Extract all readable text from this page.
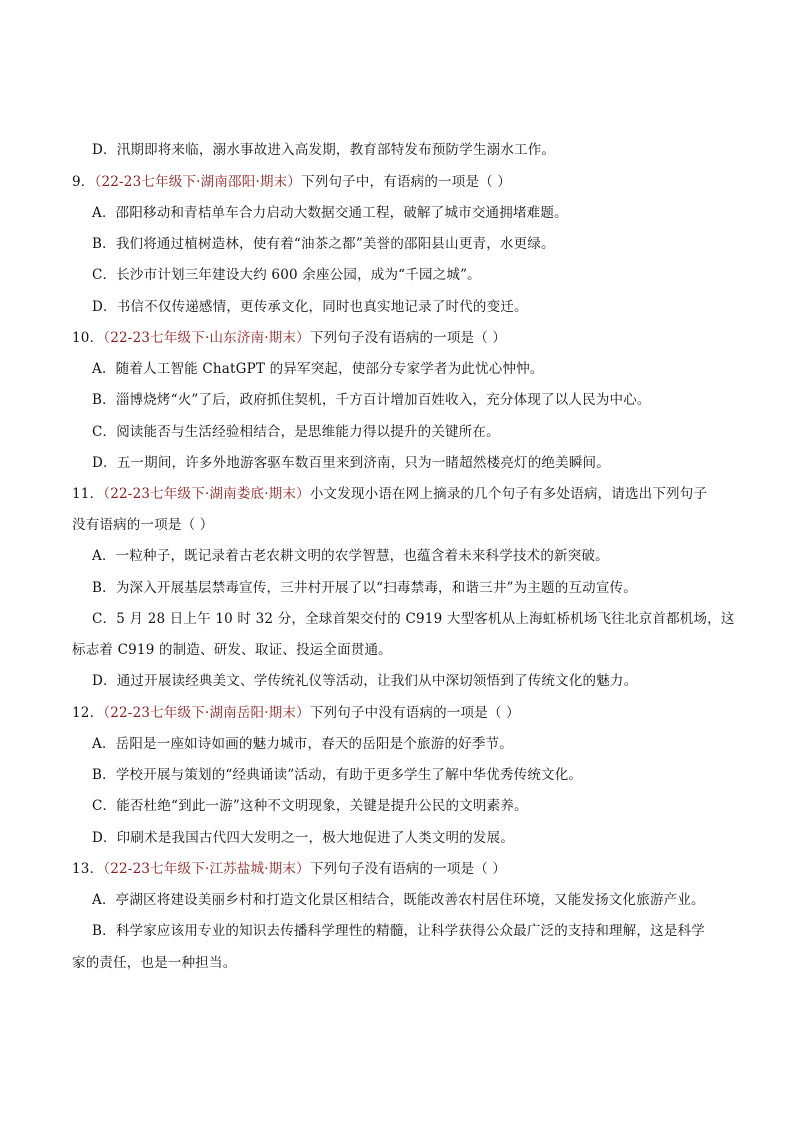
D．汛期即将来临，溺水事故进入高发期，教育部特发布预防学生溺水工作。
9．（22-23七年级下·湖南邵阳·期末）下列句子中，有语病的一项是（ ）
A．邵阳移动和青桔单车合力启动大数据交通工程，破解了城市交通拥堵难题。
B．我们将通过植树造林，使有着“油茶之都”美誉的邵阳县山更青，水更绿。
C．长沙市计划三年建设大约 600 余座公园，成为“千园之城”。
D．书信不仅传递感情，更传承文化，同时也真实地记录了时代的变迁。
10．（22-23七年级下·山东济南·期末）下列句子没有语病的一项是（ ）
A．随着人工智能 ChatGPT 的异军突起，使部分专家学者为此忧心忡忡。
B．淄博烧烤“火”了后，政府抓住契机，千方百计增加百姓收入，充分体现了以人民为中心。
C．阅读能否与生活经验相结合，是思维能力得以提升的关键所在。
D．五一期间，许多外地游客驱车数百里来到济南，只为一睹超然楼亮灯的绝美瞬间。
11．（22-23七年级下·湖南娄底·期末）小文发现小语在网上摘录的几个句子有多处语病，请选出下列句子
没有语病的一项是（ ）
A．一粒种子，既记录着古老农耕文明的农学智慧，也蕴含着未来科学技术的新突破。
B．为深入开展基层禁毒宣传，三井村开展了以“扫毒禁毒，和谐三井”为主题的互动宣传。
C．5 月 28 日上午 10 时 32 分，全球首架交付的 C919 大型客机从上海虹桥机场飞往北京首都机场，这
标志着 C919 的制造、研发、取证、投运全面贯通。
D．通过开展读经典美文、学传统礼仪等活动，让我们从中深切领悟到了传统文化的魅力。
12．（22-23七年级下·湖南岳阳·期末）下列句子中没有语病的一项是（ ）
A．岳阳是一座如诗如画的魅力城市，春天的岳阳是个旅游的好季节。
B．学校开展与策划的“经典诵读”活动，有助于更多学生了解中华优秀传统文化。
C．能否杜绝“到此一游”这种不文明现象，关键是提升公民的文明素养。
D．印刷术是我国古代四大发明之一，极大地促进了人类文明的发展。
13．（22-23七年级下·江苏盐城·期末）下列句子没有语病的一项是（ ）
A．亭湖区将建设美丽乡村和打造文化景区相结合，既能改善农村居住环境，又能发扬文化旅游产业。
B．科学家应该用专业的知识去传播科学理性的精髓，让科学获得公众最广泛的支持和理解，这是科学
家的责任，也是一种担当。
